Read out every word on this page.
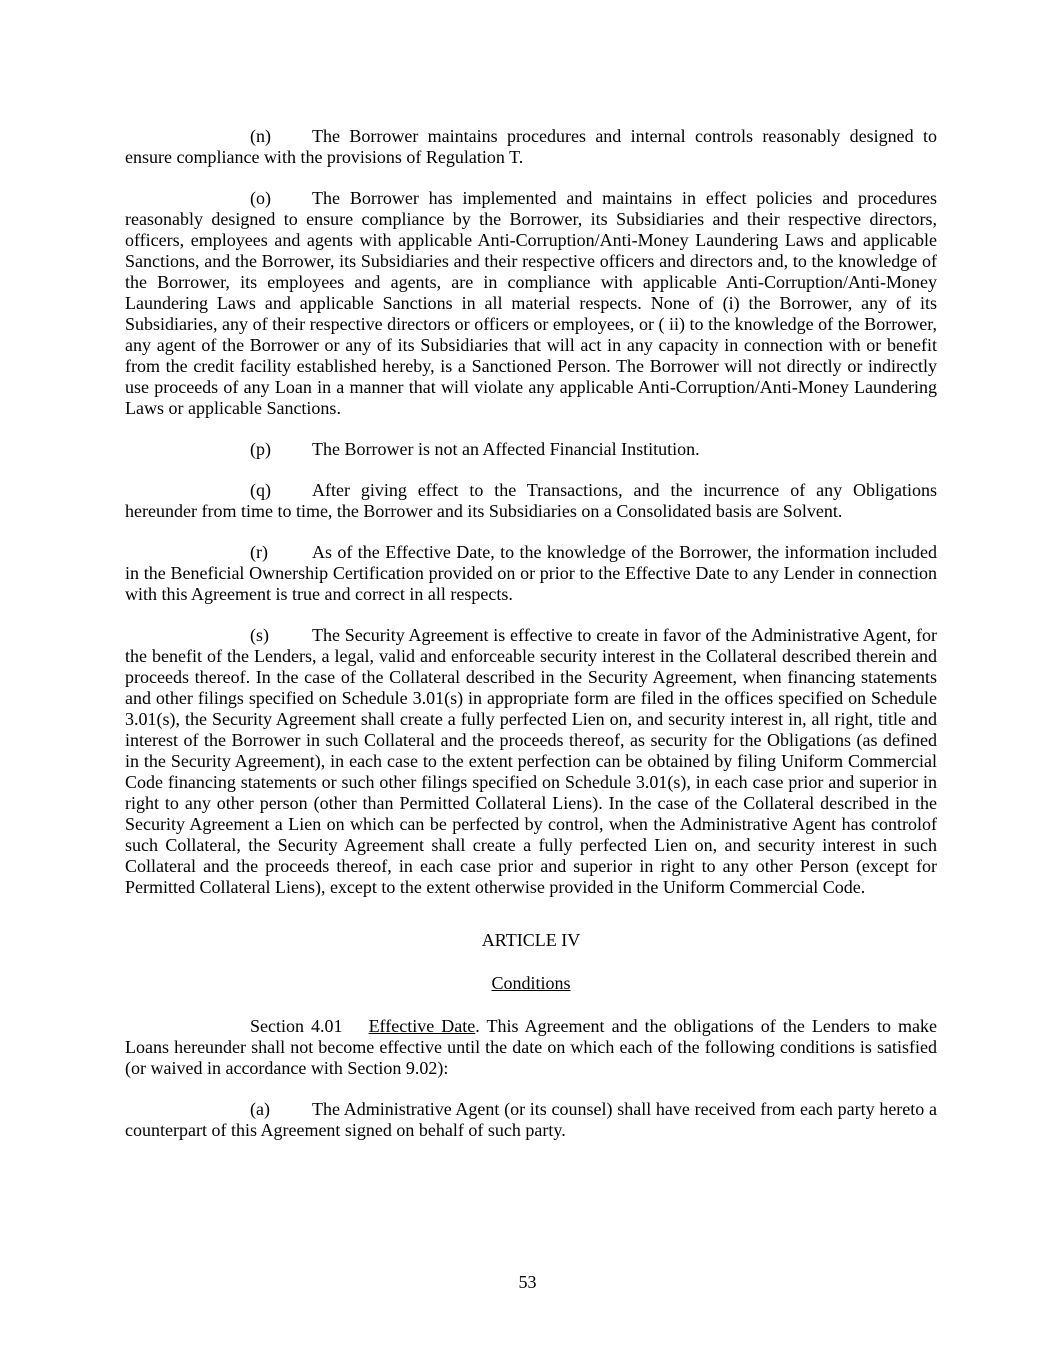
(n) The Borrower maintains procedures and internal controls reasonably designed to ensure compliance with the provisions of Regulation T.

(o) The Borrower has implemented and maintains in effect policies and procedures reasonably designed to ensure compliance by the Borrower, its Subsidiaries and their respective directors, officers, employees and agents with applicable Anti-Corruption/Anti-Money Laundering Laws and applicable Sanctions, and the Borrower, its Subsidiaries and their respective officers and directors and, to the knowledge of the Borrower, its employees and agents, are in compliance with applicable Anti-Corruption/Anti-Money Laundering Laws and applicable Sanctions in all material respects. None of (i) the Borrower, any of its Subsidiaries, any of their respective directors or officers or employees, or ( ii) to the knowledge of the Borrower, any agent of the Borrower or any of its Subsidiaries that will act in any capacity in connection with or benefit from the credit facility established hereby, is a Sanctioned Person. The Borrower will not directly or indirectly use proceeds of any Loan in a manner that will violate any applicable Anti-Corruption/Anti-Money Laundering Laws or applicable Sanctions.

(p) The Borrower is not an Affected Financial Institution.

(q) After giving effect to the Transactions, and the incurrence of any Obligations hereunder from time to time, the Borrower and its Subsidiaries on a Consolidated basis are Solvent.

(r) As of the Effective Date, to the knowledge of the Borrower, the information included in the Beneficial Ownership Certification provided on or prior to the Effective Date to any Lender in connection with this Agreement is true and correct in all respects.

(s) The Security Agreement is effective to create in favor of the Administrative Agent, for the benefit of the Lenders, a legal, valid and enforceable security interest in the Collateral described therein and proceeds thereof. In the case of the Collateral described in the Security Agreement, when financing statements and other filings specified on Schedule 3.01(s) in appropriate form are filed in the offices specified on Schedule 3.01(s), the Security Agreement shall create a fully perfected Lien on, and security interest in, all right, title and interest of the Borrower in such Collateral and the proceeds thereof, as security for the Obligations (as defined in the Security Agreement), in each case to the extent perfection can be obtained by filing Uniform Commercial Code financing statements or such other filings specified on Schedule 3.01(s), in each case prior and superior in right to any other person (other than Permitted Collateral Liens). In the case of the Collateral described in the Security Agreement a Lien on which can be perfected by control, when the Administrative Agent has controlof such Collateral, the Security Agreement shall create a fully perfected Lien on, and security interest in such Collateral and the proceeds thereof, in each case prior and superior in right to any other Person (except for Permitted Collateral Liens), except to the extent otherwise provided in the Uniform Commercial Code.

ARTICLE IV

Conditions

Section 4.01 Effective Date. This Agreement and the obligations of the Lenders to make Loans hereunder shall not become effective until the date on which each of the following conditions is satisfied (or waived in accordance with Section 9.02):

(a) The Administrative Agent (or its counsel) shall have received from each party hereto a counterpart of this Agreement signed on behalf of such party.

53
